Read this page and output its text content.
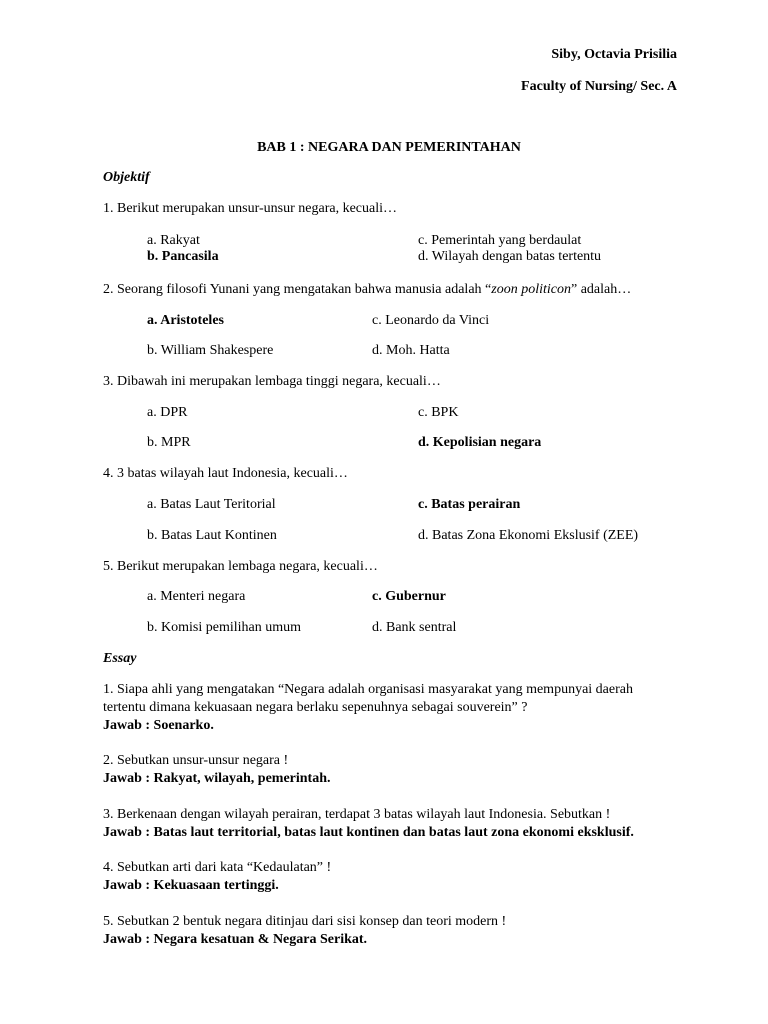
Siby, Octavia Prisilia
Faculty of Nursing/ Sec. A
BAB 1 : NEGARA DAN PEMERINTAHAN
Objektif
1. Berikut merupakan unsur-unsur negara, kecuali…
a. Rakyat
b. Pancasila
c. Pemerintah yang berdaulat
d. Wilayah dengan batas tertentu
2. Seorang filosofi Yunani yang mengatakan bahwa manusia adalah “zoon politicon” adalah…
a. Aristoteles
b. William Shakespere
c. Leonardo da Vinci
d. Moh. Hatta
3. Dibawah ini merupakan lembaga tinggi negara, kecuali…
a. DPR
b. MPR
c. BPK
d. Kepolisian negara
4. 3 batas wilayah laut Indonesia, kecuali…
a. Batas Laut Teritorial
b. Batas Laut Kontinen
c. Batas perairan
d. Batas Zona Ekonomi Ekslusif (ZEE)
5. Berikut merupakan lembaga negara, kecuali…
a. Menteri negara
b. Komisi pemilihan umum
c. Gubernur
d. Bank sentral
Essay
1. Siapa ahli yang mengatakan “Negara adalah organisasi masyarakat yang mempunyai daerah
tertentu dimana kekuasaan negara berlaku sepenuhnya sebagai souverein” ?
Jawab : Soenarko.
2. Sebutkan unsur-unsur negara !
Jawab : Rakyat, wilayah, pemerintah.
3. Berkenaan dengan wilayah perairan, terdapat 3 batas wilayah laut Indonesia. Sebutkan !
Jawab : Batas laut territorial, batas laut kontinen dan batas laut zona ekonomi eksklusif.
4. Sebutkan arti dari kata “Kedaulatan” !
Jawab : Kekuasaan tertinggi.
5. Sebutkan 2 bentuk negara ditinjau dari sisi konsep dan teori modern !
Jawab : Negara kesatuan & Negara Serikat.
